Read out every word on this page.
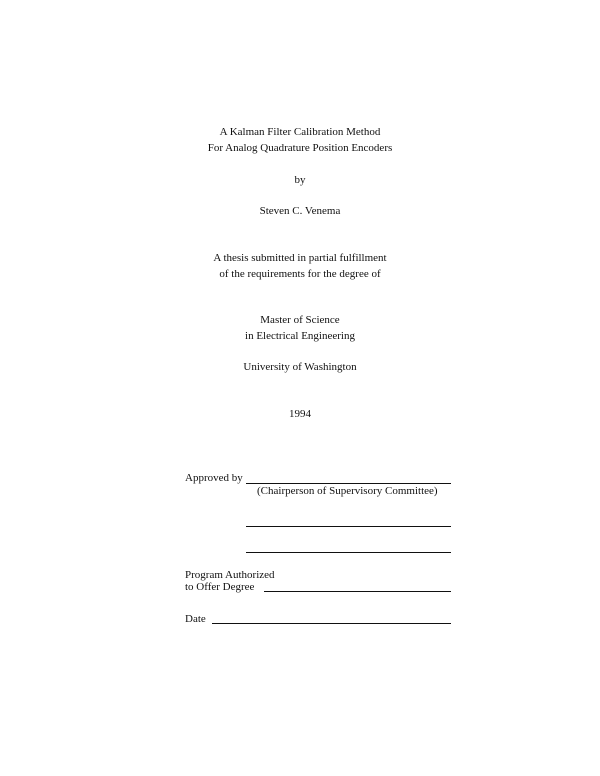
A Kalman Filter Calibration Method
For Analog Quadrature Position Encoders
by
Steven C. Venema
A thesis submitted in partial fulfillment
of the requirements for the degree of
Master of Science
in Electrical Engineering
University of Washington
1994
Approved by
(Chairperson of Supervisory Committee)
Program Authorized
to Offer Degree
Date
